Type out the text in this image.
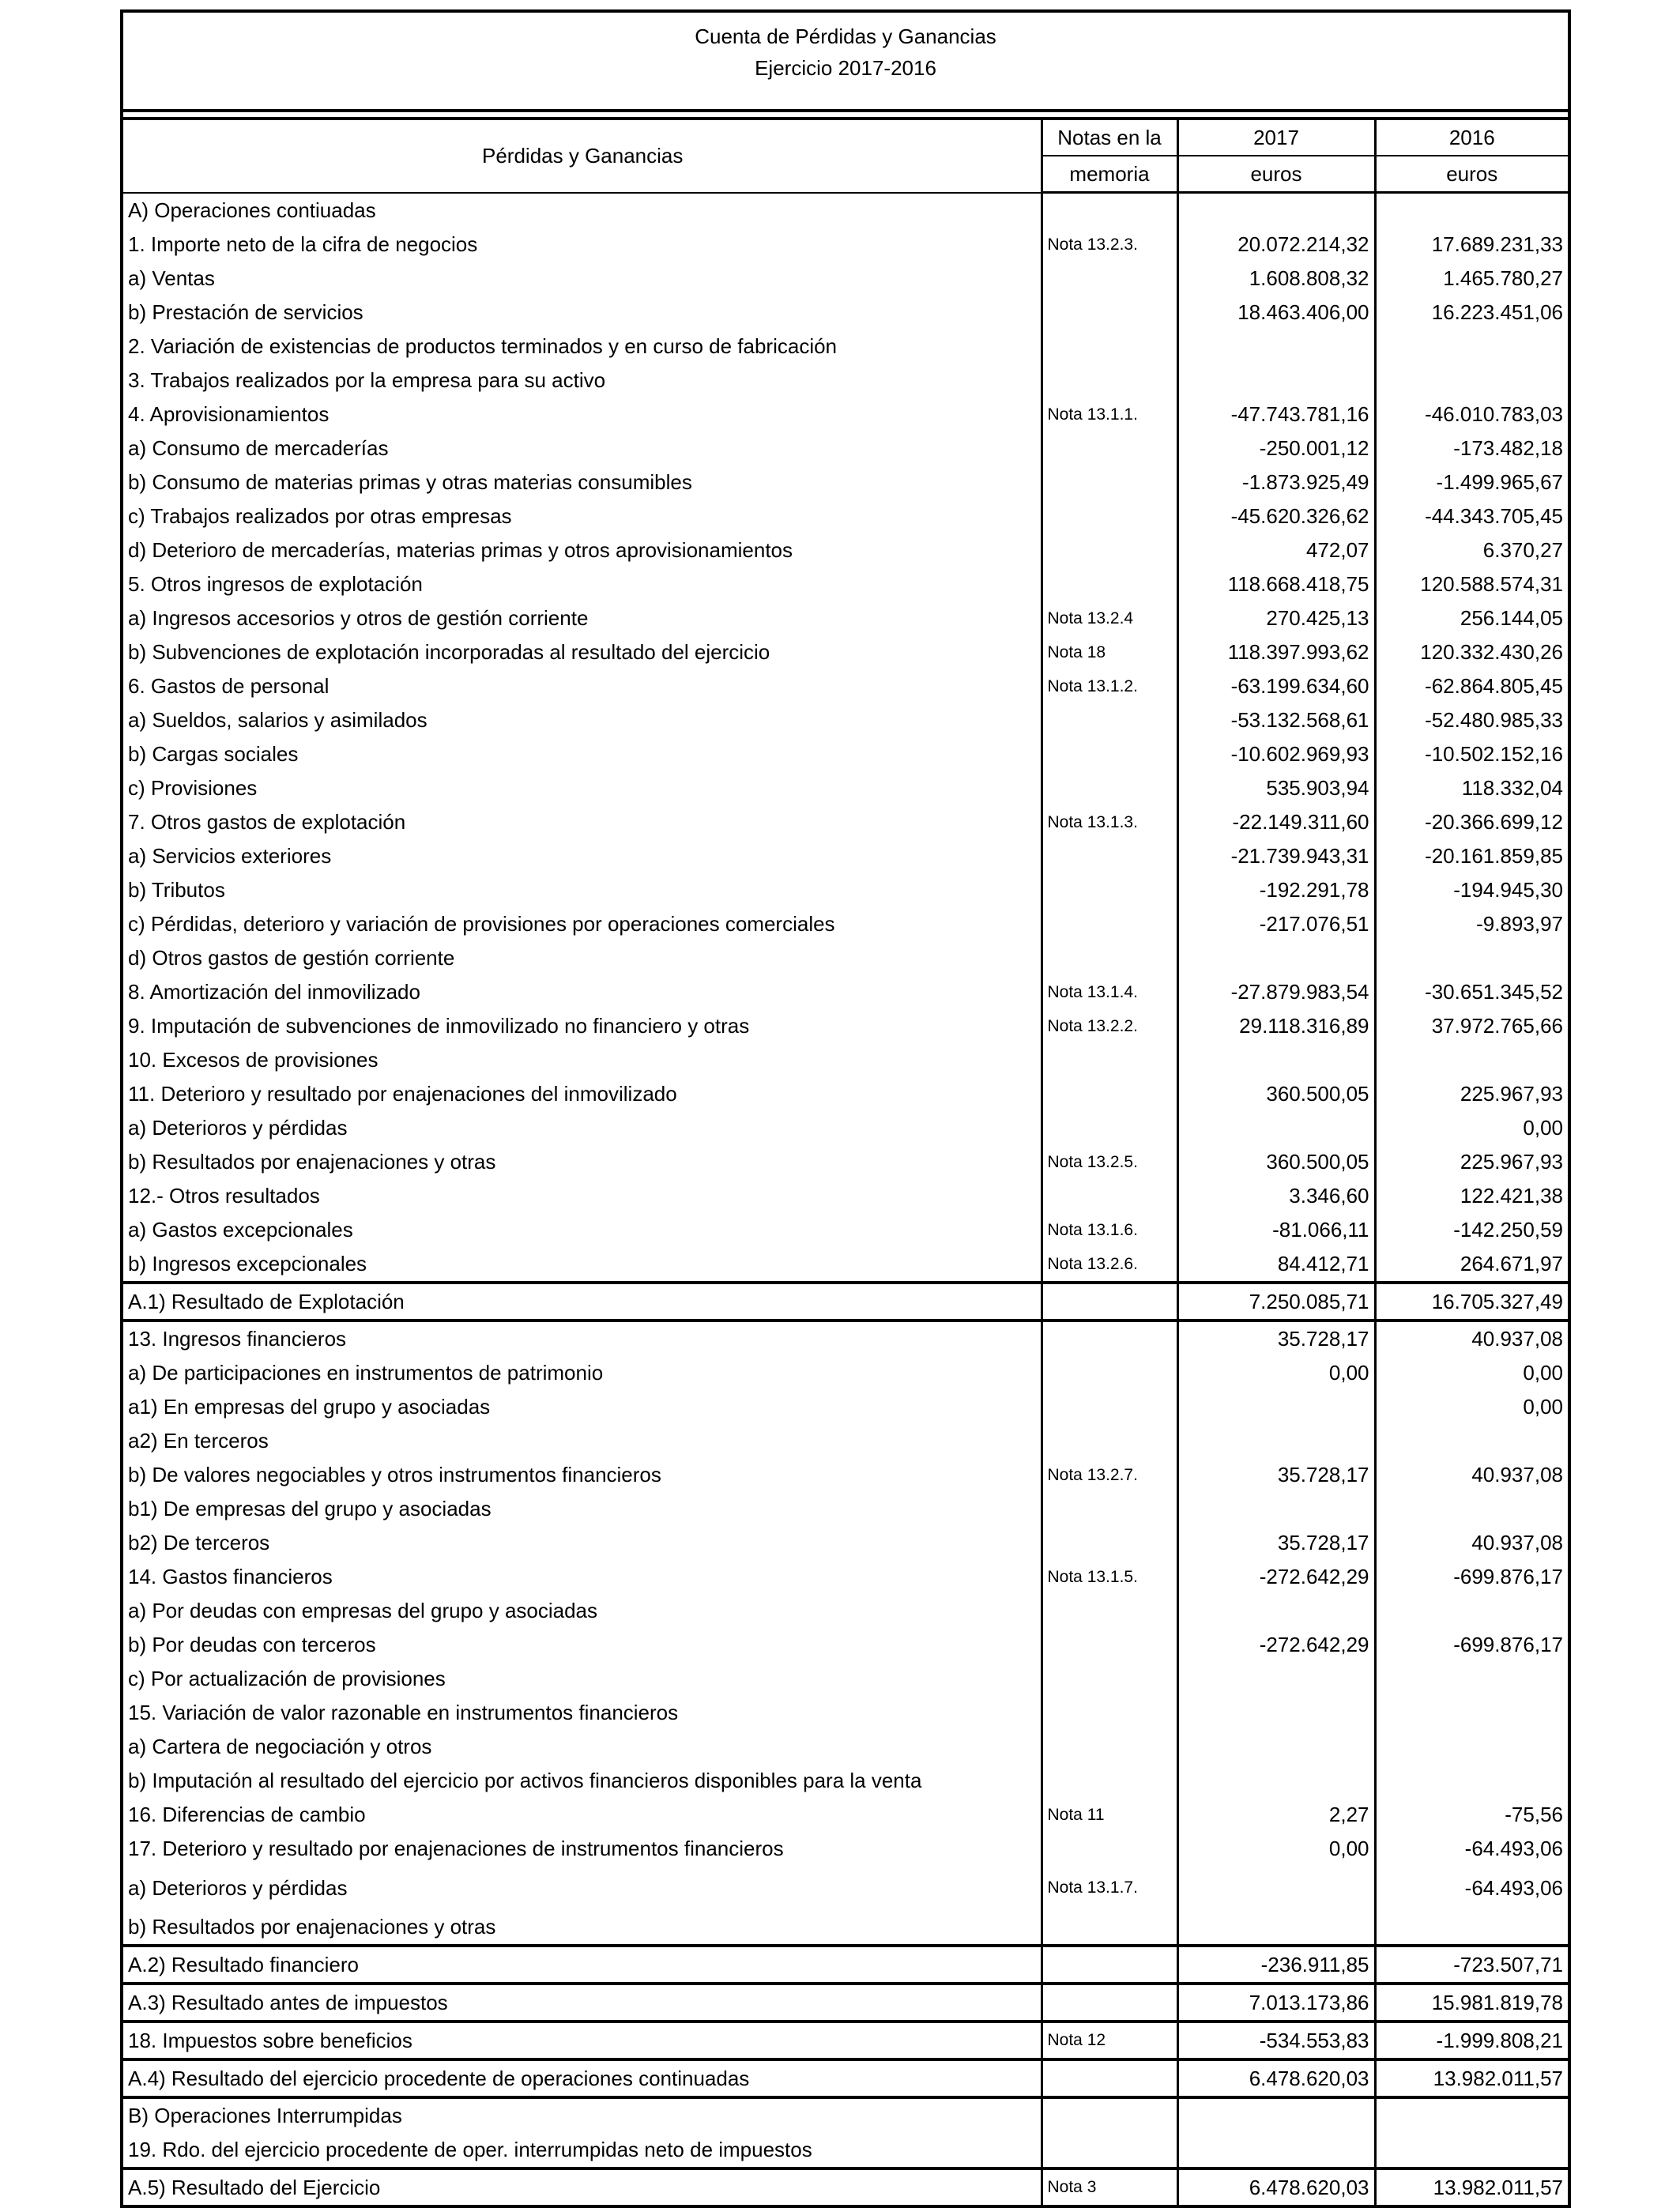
Cuenta de Pérdidas y Ganancias
Ejercicio 2017-2016
Pérdidas y Ganancias	Notas en la	2017	2016
	memoria	euros	euros
A) Operaciones contiuadas			
1. Importe neto de la cifra de negocios	Nota 13.2.3.	20.072.214,32	17.689.231,33
a) Ventas		1.608.808,32	1.465.780,27
b) Prestación de servicios		18.463.406,00	16.223.451,06
2. Variación de existencias de productos terminados y en curso de fabricación			
3. Trabajos realizados por la empresa para su activo			
4. Aprovisionamientos	Nota 13.1.1.	-47.743.781,16	-46.010.783,03
a) Consumo de mercaderías		-250.001,12	-173.482,18
b) Consumo de materias primas y otras materias consumibles		-1.873.925,49	-1.499.965,67
c) Trabajos realizados por otras empresas		-45.620.326,62	-44.343.705,45
d) Deterioro de mercaderías, materias primas y otros aprovisionamientos		472,07	6.370,27
5. Otros ingresos de explotación		118.668.418,75	120.588.574,31
a) Ingresos accesorios y otros de gestión corriente	Nota 13.2.4	270.425,13	256.144,05
b) Subvenciones de explotación incorporadas al resultado del ejercicio	Nota 18	118.397.993,62	120.332.430,26
6. Gastos de personal	Nota 13.1.2.	-63.199.634,60	-62.864.805,45
a) Sueldos, salarios y asimilados		-53.132.568,61	-52.480.985,33
b) Cargas sociales		-10.602.969,93	-10.502.152,16
c) Provisiones		535.903,94	118.332,04
7. Otros gastos de explotación	Nota 13.1.3.	-22.149.311,60	-20.366.699,12
a) Servicios exteriores		-21.739.943,31	-20.161.859,85
b) Tributos		-192.291,78	-194.945,30
c) Pérdidas, deterioro y variación de provisiones por operaciones comerciales		-217.076,51	-9.893,97
d) Otros gastos de gestión corriente			
8. Amortización del inmovilizado	Nota 13.1.4.	-27.879.983,54	-30.651.345,52
9. Imputación de subvenciones de inmovilizado no financiero y otras	Nota 13.2.2.	29.118.316,89	37.972.765,66
10. Excesos de provisiones			
11. Deterioro y resultado por enajenaciones del inmovilizado		360.500,05	225.967,93
a) Deterioros y pérdidas			0,00
b) Resultados por enajenaciones y otras	Nota 13.2.5.	360.500,05	225.967,93
12.- Otros resultados		3.346,60	122.421,38
a) Gastos excepcionales	Nota 13.1.6.	-81.066,11	-142.250,59
b) Ingresos excepcionales	Nota 13.2.6.	84.412,71	264.671,97
A.1) Resultado de Explotación		7.250.085,71	16.705.327,49
13. Ingresos financieros		35.728,17	40.937,08
a) De participaciones en instrumentos de patrimonio		0,00	0,00
a1) En empresas del grupo y asociadas			0,00
a2) En terceros			
b) De valores negociables y otros instrumentos financieros	Nota 13.2.7.	35.728,17	40.937,08
b1) De empresas del grupo y asociadas			
b2) De terceros		35.728,17	40.937,08
14. Gastos financieros	Nota 13.1.5.	-272.642,29	-699.876,17
a) Por deudas con empresas del grupo y asociadas			
b) Por deudas con terceros		-272.642,29	-699.876,17
c) Por actualización de provisiones			
15. Variación de valor razonable en instrumentos financieros			
a) Cartera de negociación y otros			
b) Imputación al resultado del ejercicio por activos financieros disponibles para la venta			
16. Diferencias de cambio	Nota 11	2,27	-75,56
17. Deterioro y resultado por enajenaciones de instrumentos financieros		0,00	-64.493,06
a) Deterioros y pérdidas	Nota 13.1.7.		-64.493,06
b) Resultados por enajenaciones y otras			
A.2) Resultado financiero		-236.911,85	-723.507,71
A.3) Resultado antes de impuestos		7.013.173,86	15.981.819,78
18. Impuestos sobre beneficios	Nota 12	-534.553,83	-1.999.808,21
A.4) Resultado del ejercicio procedente de operaciones continuadas		6.478.620,03	13.982.011,57
B) Operaciones Interrumpidas			
19. Rdo. del ejercicio procedente de oper. interrumpidas neto de impuestos			
A.5) Resultado del Ejercicio	Nota 3	6.478.620,03	13.982.011,57
